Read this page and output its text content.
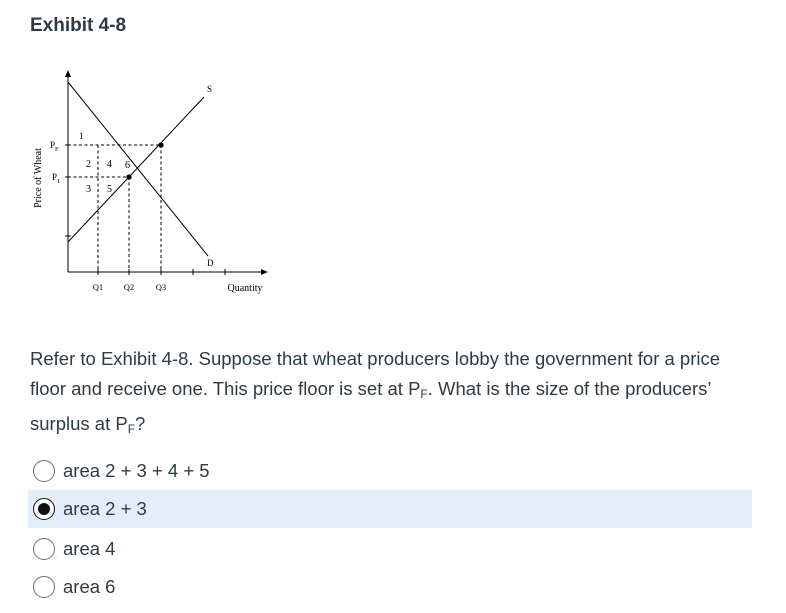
Exhibit 4-8
Price of Wheat
$P_F$
$P_1$
1
2
3
4
5
6
S
D
Q1 Q2	Q3	Quantity
Refer to Exhibit 4-8. Suppose that wheat producers lobby the government for a price floor and receive one. This price floor is set at $P_F$. What is the size of the producers’ surplus at $P_F$?
area 2 + 3 + 4 + 5
area 2 + 3
area 4
area 6
